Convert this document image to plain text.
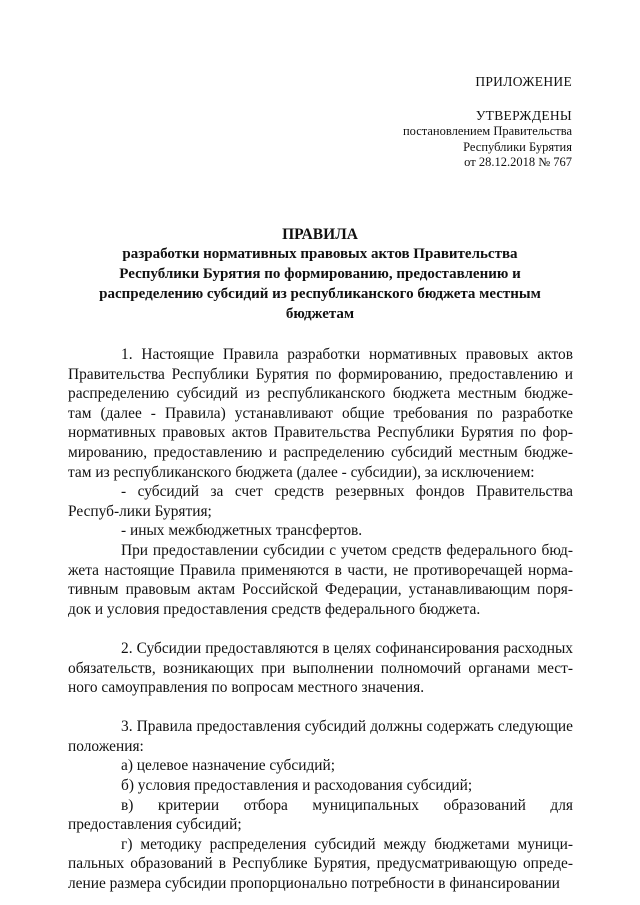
ПРИЛОЖЕНИЕ
УТВЕРЖДЕНЫ
постановлением Правительства
Республики Бурятия
от 28.12.2018 № 767
ПРАВИЛА
разработки нормативных правовых актов Правительства Республики Бурятия по формированию, предоставлению и распределению субсидий из республиканского бюджета местным бюджетам

1. Настоящие Правила разработки нормативных правовых актов Правительства Республики Бурятия по формированию, предоставлению и распределению субсидий из республиканского бюджета местным бюдже-там (далее - Правила) устанавливают общие требования по разработке нормативных правовых актов Правительства Республики Бурятия по фор-мированию, предоставлению и распределению субсидий местным бюдже-там из республиканского бюджета (далее - субсидии), за исключением:

- субсидий за счет средств резервных фондов Правительства Респуб-лики Бурятия;

- иных межбюджетных трансфертов.

При предоставлении субсидии с учетом средств федерального бюд-жета настоящие Правила применяются в части, не противоречащей норма-тивным правовым актам Российской Федерации, устанавливающим поря-док и условия предоставления средств федерального бюджета.

2. Субсидии предоставляются в целях софинансирования расходных обязательств, возникающих при выполнении полномочий органами мест-ного самоуправления по вопросам местного значения.

3. Правила предоставления субсидий должны содержать следующие положения:

а) целевое назначение субсидий;

б) условия предоставления и расходования субсидий;

в) критерии отбора муниципальных образований для предоставления субсидий;

г) методику распределения субсидий между бюджетами муници-пальных образований в Республике Бурятия, предусматривающую опреде-ление размера субсидии пропорционально потребности в финансировании
